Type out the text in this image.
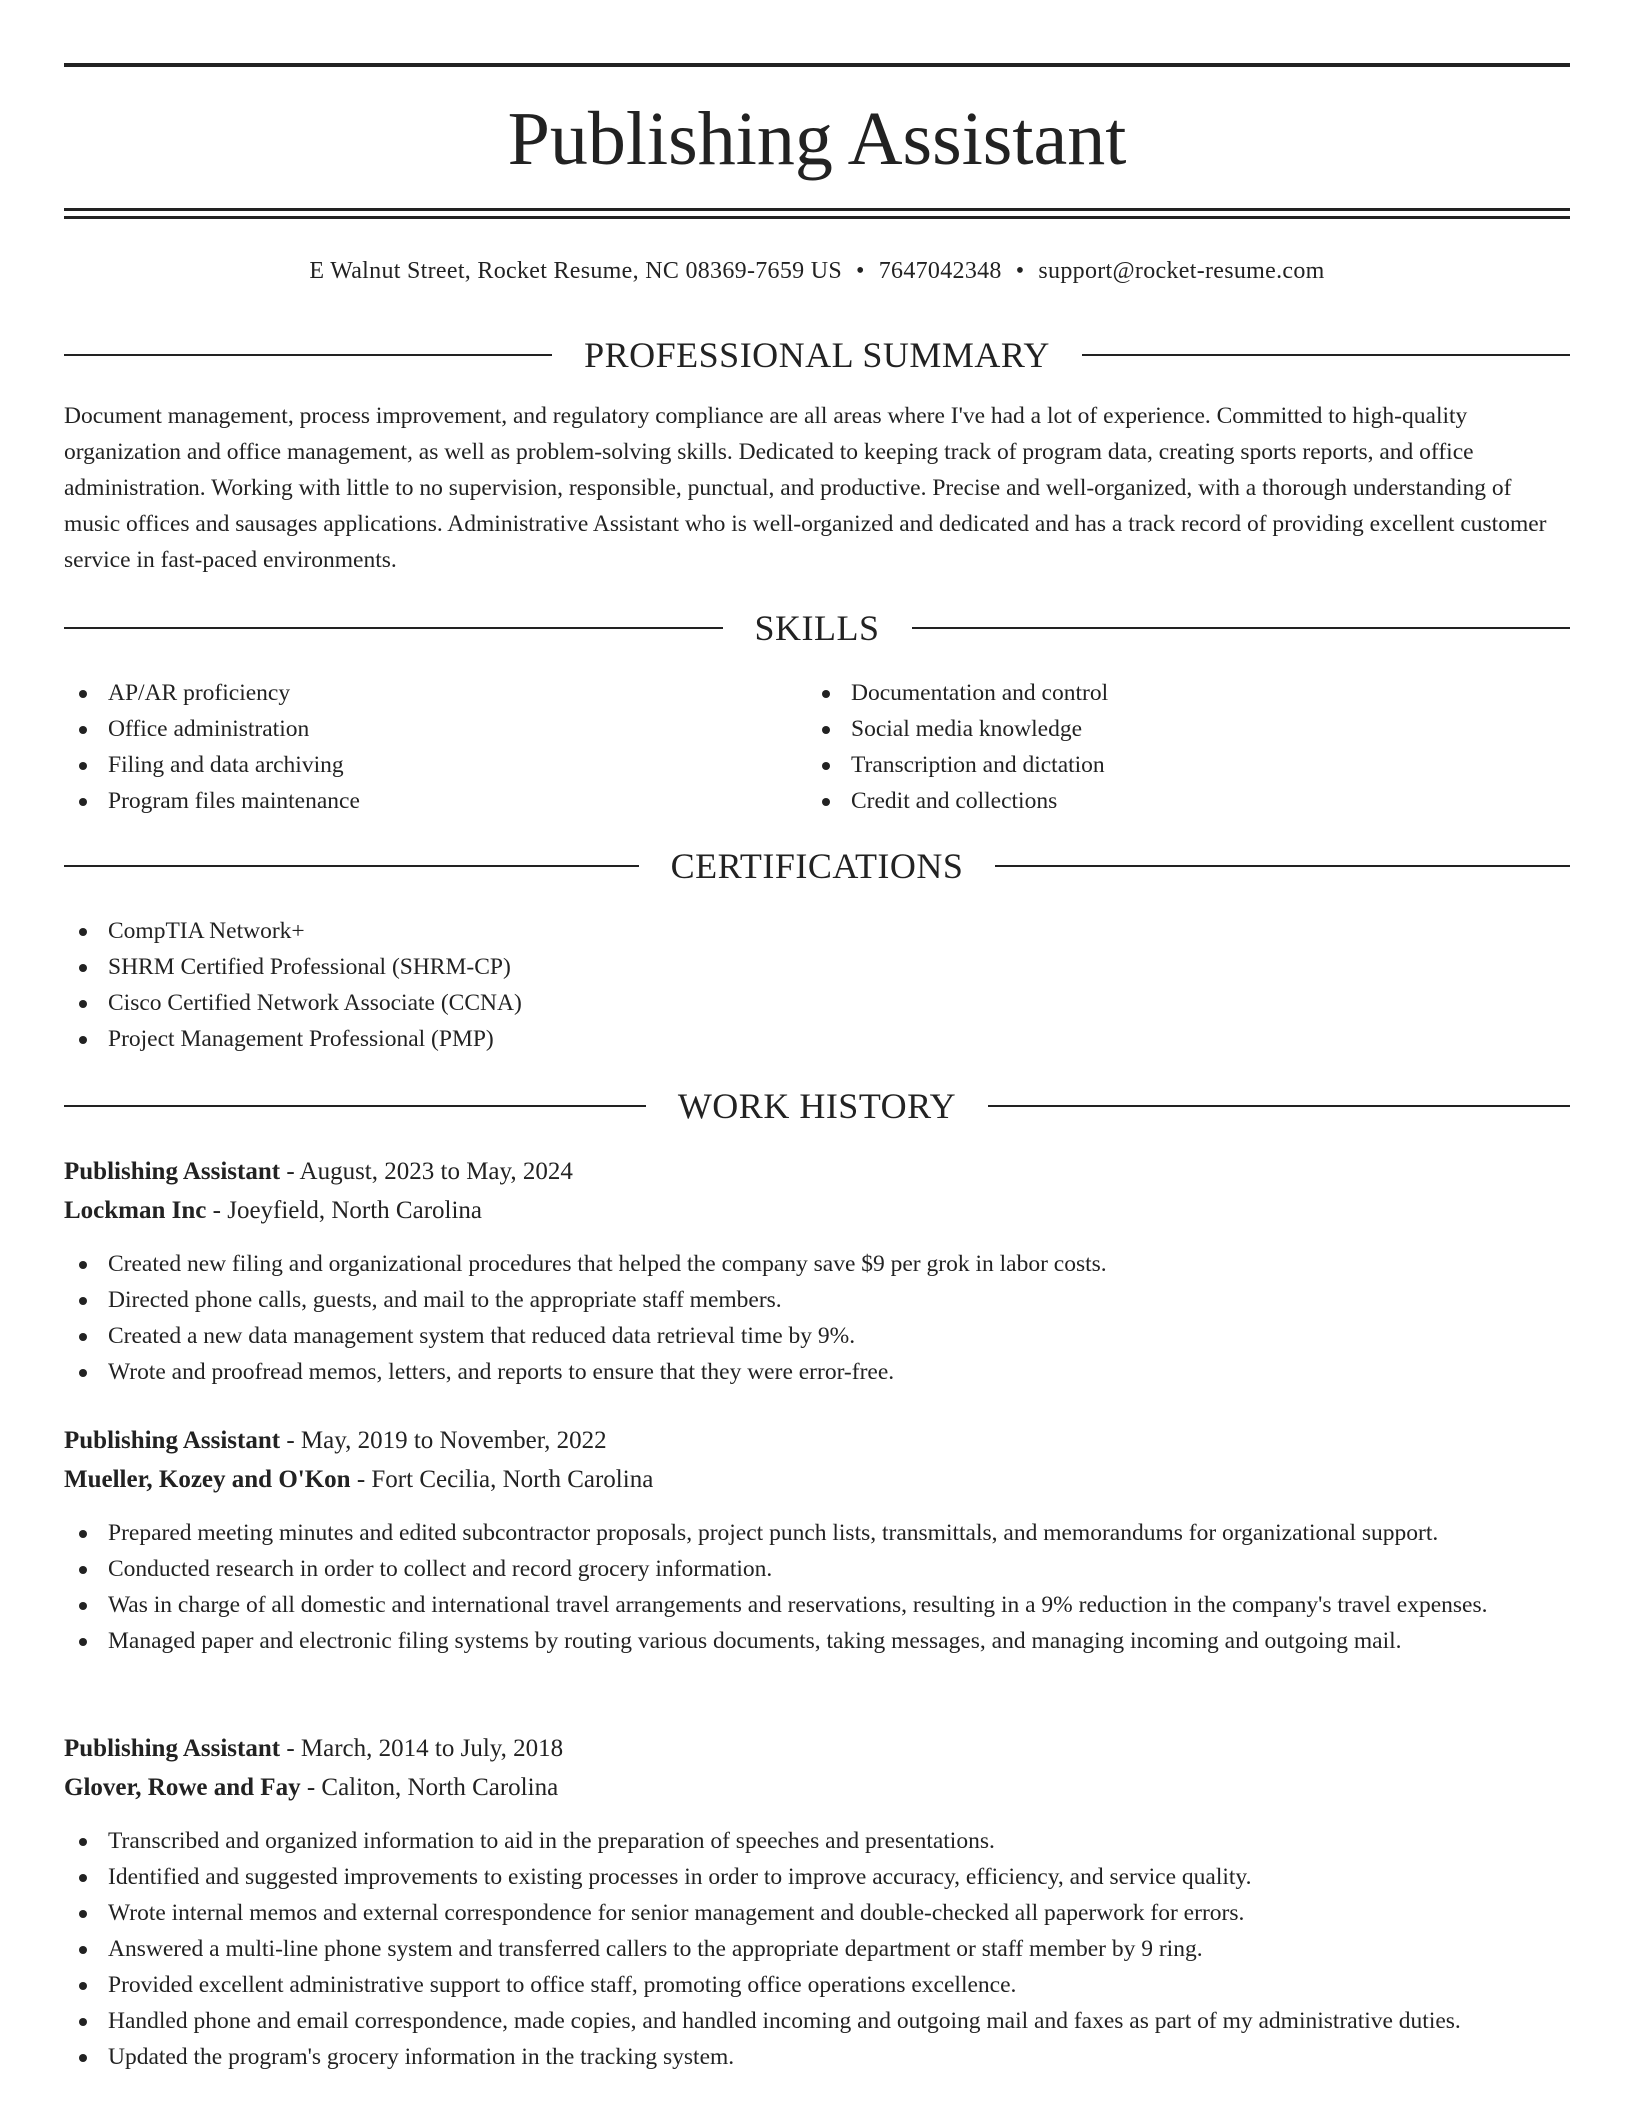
Publishing Assistant
E Walnut Street, Rocket Resume, NC 08369-7659 US • 7647042348 • support@rocket-resume.com
PROFESSIONAL SUMMARY

Document management, process improvement, and regulatory compliance are all areas where I've had a lot of experience. Committed to high-quality organization and office management, as well as problem-solving skills. Dedicated to keeping track of program data, creating sports reports, and office administration. Working with little to no supervision, responsible, punctual, and productive. Precise and well-organized, with a thorough understanding of music offices and sausages applications. Administrative Assistant who is well-organized and dedicated and has a track record of providing excellent customer service in fast-paced environments.

SKILLS
AP/AR proficiency
Office administration
Filing and data archiving
Program files maintenance
Documentation and control
Social media knowledge
Transcription and dictation
Credit and collections
CERTIFICATIONS
CompTIA Network+
SHRM Certified Professional (SHRM-CP)
Cisco Certified Network Associate (CCNA)
Project Management Professional (PMP)
WORK HISTORY
Publishing Assistant - August, 2023 to May, 2024
Lockman Inc - Joeyfield, North Carolina
Created new filing and organizational procedures that helped the company save $9 per grok in labor costs.
Directed phone calls, guests, and mail to the appropriate staff members.
Created a new data management system that reduced data retrieval time by 9%.
Wrote and proofread memos, letters, and reports to ensure that they were error-free.
Publishing Assistant - May, 2019 to November, 2022
Mueller, Kozey and O'Kon - Fort Cecilia, North Carolina
Prepared meeting minutes and edited subcontractor proposals, project punch lists, transmittals, and memorandums for organizational support.
Conducted research in order to collect and record grocery information.
Was in charge of all domestic and international travel arrangements and reservations, resulting in a 9% reduction in the company's travel expenses.
Managed paper and electronic filing systems by routing various documents, taking messages, and managing incoming and outgoing mail.
Publishing Assistant - March, 2014 to July, 2018
Glover, Rowe and Fay - Caliton, North Carolina
Transcribed and organized information to aid in the preparation of speeches and presentations.
Identified and suggested improvements to existing processes in order to improve accuracy, efficiency, and service quality.
Wrote internal memos and external correspondence for senior management and double-checked all paperwork for errors.
Answered a multi-line phone system and transferred callers to the appropriate department or staff member by 9 ring.
Provided excellent administrative support to office staff, promoting office operations excellence.
Handled phone and email correspondence, made copies, and handled incoming and outgoing mail and faxes as part of my administrative duties.
Updated the program's grocery information in the tracking system.
